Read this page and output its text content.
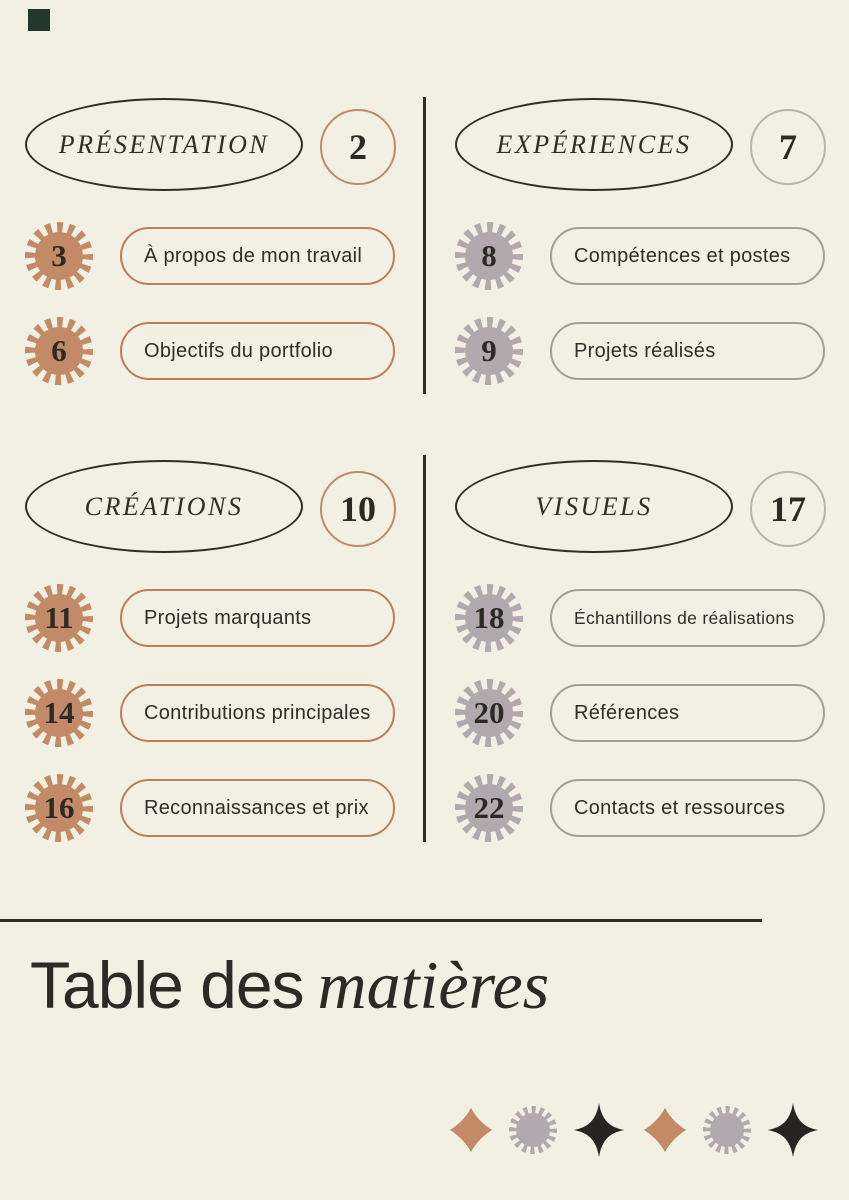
PRÉSENTATION	2
3	À propos de mon travail
6	Objectifs du portfolio
EXPÉRIENCES	7
8	Compétences et postes
9	Projets réalisés
CRÉATIONS	10
11	Projets marquants
14	Contributions principales
16	Reconnaissances et prix
VISUELS	17
18	Échantillons de réalisations
20	Références
22	Contacts et ressources
Table des matières
